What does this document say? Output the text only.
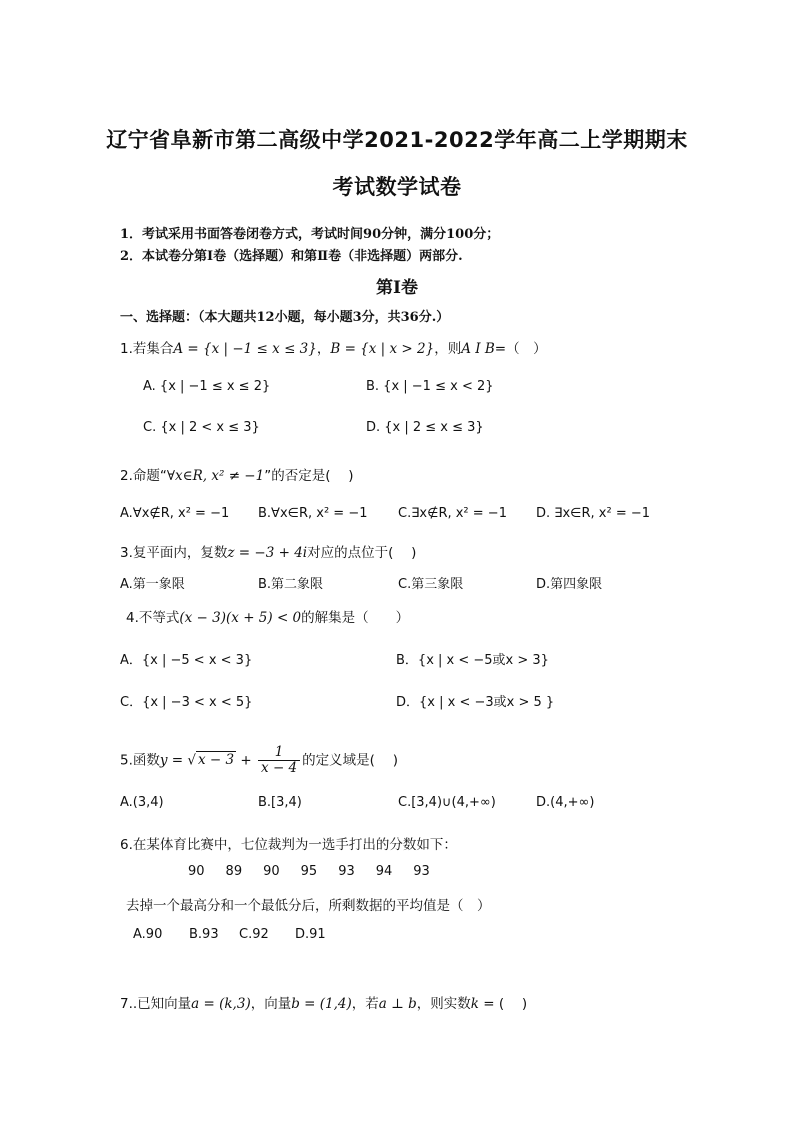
辽宁省阜新市第二高级中学2021-2022学年高二上学期期末
考试数学试卷
1．考试采用书面答卷闭卷方式，考试时间90分钟，满分100分；
2．本试卷分第Ⅰ卷（选择题）和第Ⅱ卷（非选择题）两部分.
第Ⅰ卷
一、选择题：（本大题共12小题，每小题3分，共36分.）
1.若集合A = {x | −1 ≤ x ≤ 3}，B = {x | x > 2}，则A I B=（　）
A. {x | −1 ≤ x ≤ 2}	B. {x | −1 ≤ x < 2}
C. {x | 2 < x ≤ 3}	D. {x | 2 ≤ x ≤ 3}
2.命题“∀x∈R, x² ≠ −1”的否定是(　 )
A.∀x∉R, x² = −1 B.∀x∈R, x² = −1 C.∃x∉R, x² = −1 D. ∃x∈R, x² = −1
3.复平面内，复数z = −3 + 4i对应的点位于(　 )
A.第一象限	B.第二象限	C.第三象限	D.第四象限
4.不等式(x − 3)(x + 5) < 0的解集是（　　）
A．{x | −5 < x < 3}	B．{x | x < −5或x > 3}
C．{x | −3 < x < 5}	D．{x | x < −3或x > 5 }
5.函数y = √ $x - 3 + \frac{1}{x - 4}$ 的定义域是(　 )
A.(3,4)	B.[3,4)	C.[3,4)∪(4,+∞)	D.(4,+∞)
6.在某体育比赛中，七位裁判为一选手打出的分数如下：
90 89 90 95 93 94 93
去掉一个最高分和一个最低分后，所剩数据的平均值是（　）
A.90 B.93 C.92 D.91
7..已知向量a = (k,3)，向量b = (1,4)，若a ⊥ b，则实数k = (　 )
